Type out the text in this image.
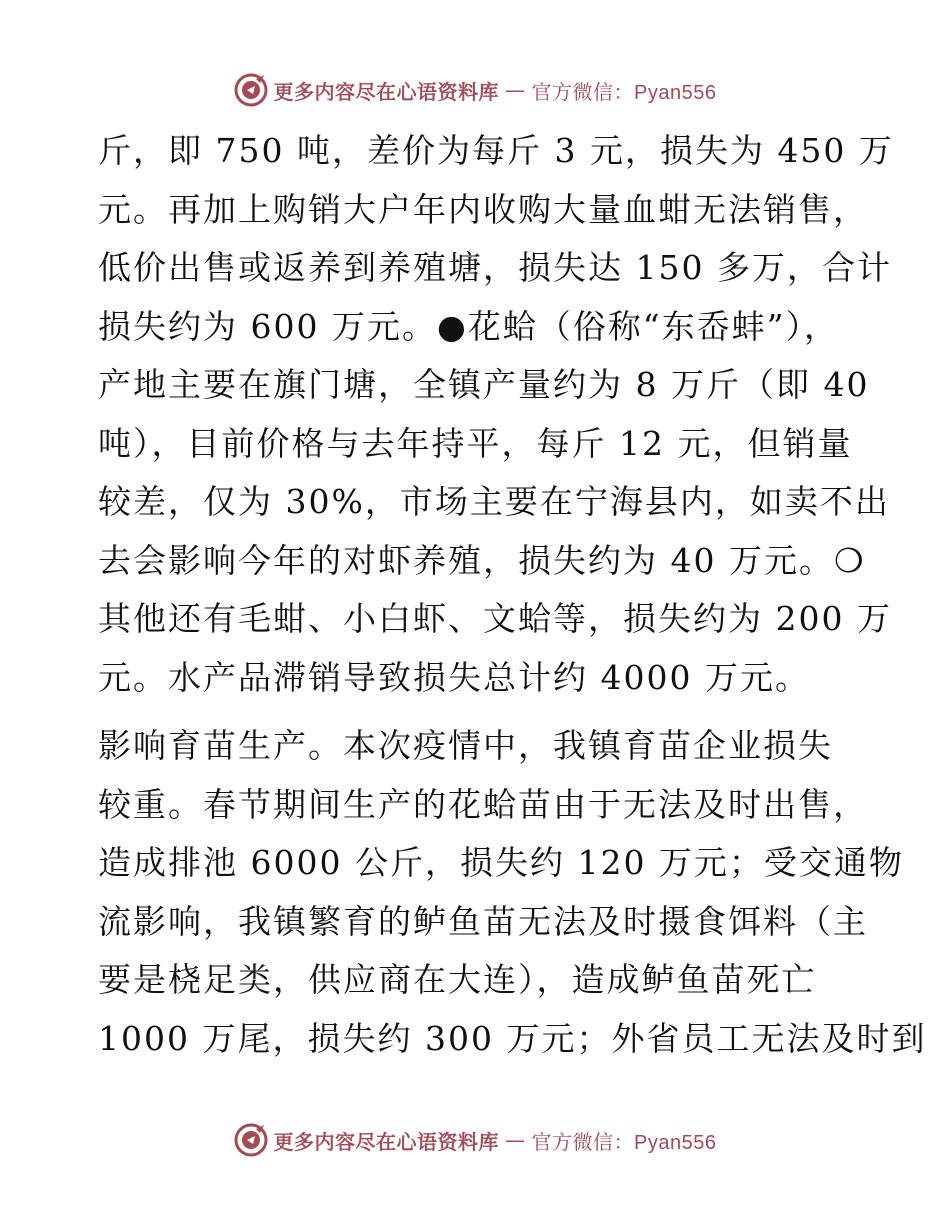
更多内容尽在心语资料库 — 官方微信：Pyan556

斤，即 750 吨，差价为每斤 3 元，损失为 450 万
元。再加上购销大户年内收购大量血蚶无法销售，
低价出售或返养到养殖塘，损失达 150 多万，合计
损失约为 600 万元。●花蛤（俗称“东岙蚌”），
产地主要在旗门塘，全镇产量约为 8 万斤（即 40
吨），目前价格与去年持平，每斤 12 元，但销量
较差，仅为 30%，市场主要在宁海县内，如卖不出
去会影响今年的对虾养殖，损失约为 40 万元。❍
其他还有毛蚶、小白虾、文蛤等，损失约为 200 万
元。水产品滞销导致损失总计约 4000 万元。

影响育苗生产。本次疫情中，我镇育苗企业损失
较重。春节期间生产的花蛤苗由于无法及时出售，
造成排池 6000 公斤，损失约 120 万元；受交通物
流影响，我镇繁育的鲈鱼苗无法及时摄食饵料（主
要是桡足类，供应商在大连），造成鲈鱼苗死亡
1000 万尾，损失约 300 万元；外省员工无法及时到

更多内容尽在心语资料库 — 官方微信：Pyan556
